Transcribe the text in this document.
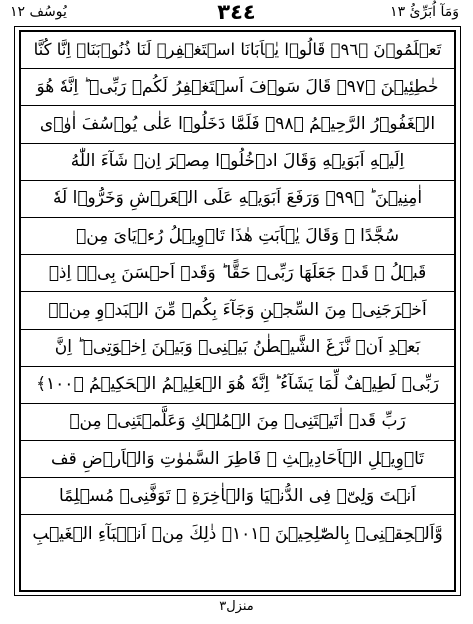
يُوسُف ١٢	٣٤٤	وَمَآ اُبَرِّئُ ١٣
تَعۡلَمُوۡنَ ﴿٩٦﴾ قَالُوۡا يٰۤاَبَانَا اسۡتَغۡفِرۡ لَنَا ذُنُوۡبَنَاۤ اِنَّا كُنَّا
خٰطِئِيۡنَ ﴿٩٧﴾ قَالَ سَوۡفَ اَسۡتَغۡفِرُ لَكُمۡ رَبِّىۡ ؕ اِنَّهٗ هُوَ
الۡغَفُوۡرُ الرَّحِيۡمُ ﴿٩٨﴾ فَلَمَّا دَخَلُوۡا عَلٰى يُوۡسُفَ اٰوٰۤى
اِلَيۡهِ اَبَوَيۡهِ وَقَالَ ادۡخُلُوۡا مِصۡرَ اِنۡ شَآءَ اللّٰهُ
اٰمِنِيۡنَ ؕ ﴿٩٩﴾ وَرَفَعَ اَبَوَيۡهِ عَلَى الۡعَرۡشِ وَخَرُّوۡا لَهٗ
سُجَّدًا ۚ وَقَالَ يٰۤاَبَتِ هٰذَا تَاۡوِيۡلُ رُءۡيَاىَ مِنۡ
قَبۡلُ ۡ قَدۡ جَعَلَهَا رَبِّىۡ حَقًّا ؕ وَقَدۡ اَحۡسَنَ بِىۡۤ اِذۡ
اَخۡرَجَنِىۡ مِنَ السِّجۡنِ وَجَآءَ بِكُمۡ مِّنَ الۡبَدۡوِ مِنۡۢ
بَعۡدِ اَنۡ نَّزَغَ الشَّيۡطٰنُ بَيۡنِىۡ وَبَيۡنَ اِخۡوَتِىۡ ؕ اِنَّ
رَبِّىۡ لَطِيۡفٌ لِّمَا يَشَآءُ ؕ اِنَّهٗ هُوَ الۡعَلِيۡمُ الۡحَكِيۡمُ ﴿١٠٠﴾
رَبِّ قَدۡ اٰتَيۡتَنِىۡ مِنَ الۡمُلۡكِ وَعَلَّمۡتَنِىۡ مِنۡ
تَاۡوِيۡلِ الۡاَحَادِيۡثِ ۚ فَاطِرَ السَّمٰوٰتِ وَالۡاَرۡضِ قف
اَنۡتَ وَلِىّٖ فِى الدُّنۡيَا وَالۡاٰخِرَةِ ۚ تَوَفَّنِىۡ مُسۡلِمًا
وَّاَلۡحِقۡنِىۡ بِالصّٰلِحِيۡنَ ﴿١٠١﴾ ذٰلِكَ مِنۡ اَنۡۢبَآءِ الۡغَيۡبِ
منزل٣
